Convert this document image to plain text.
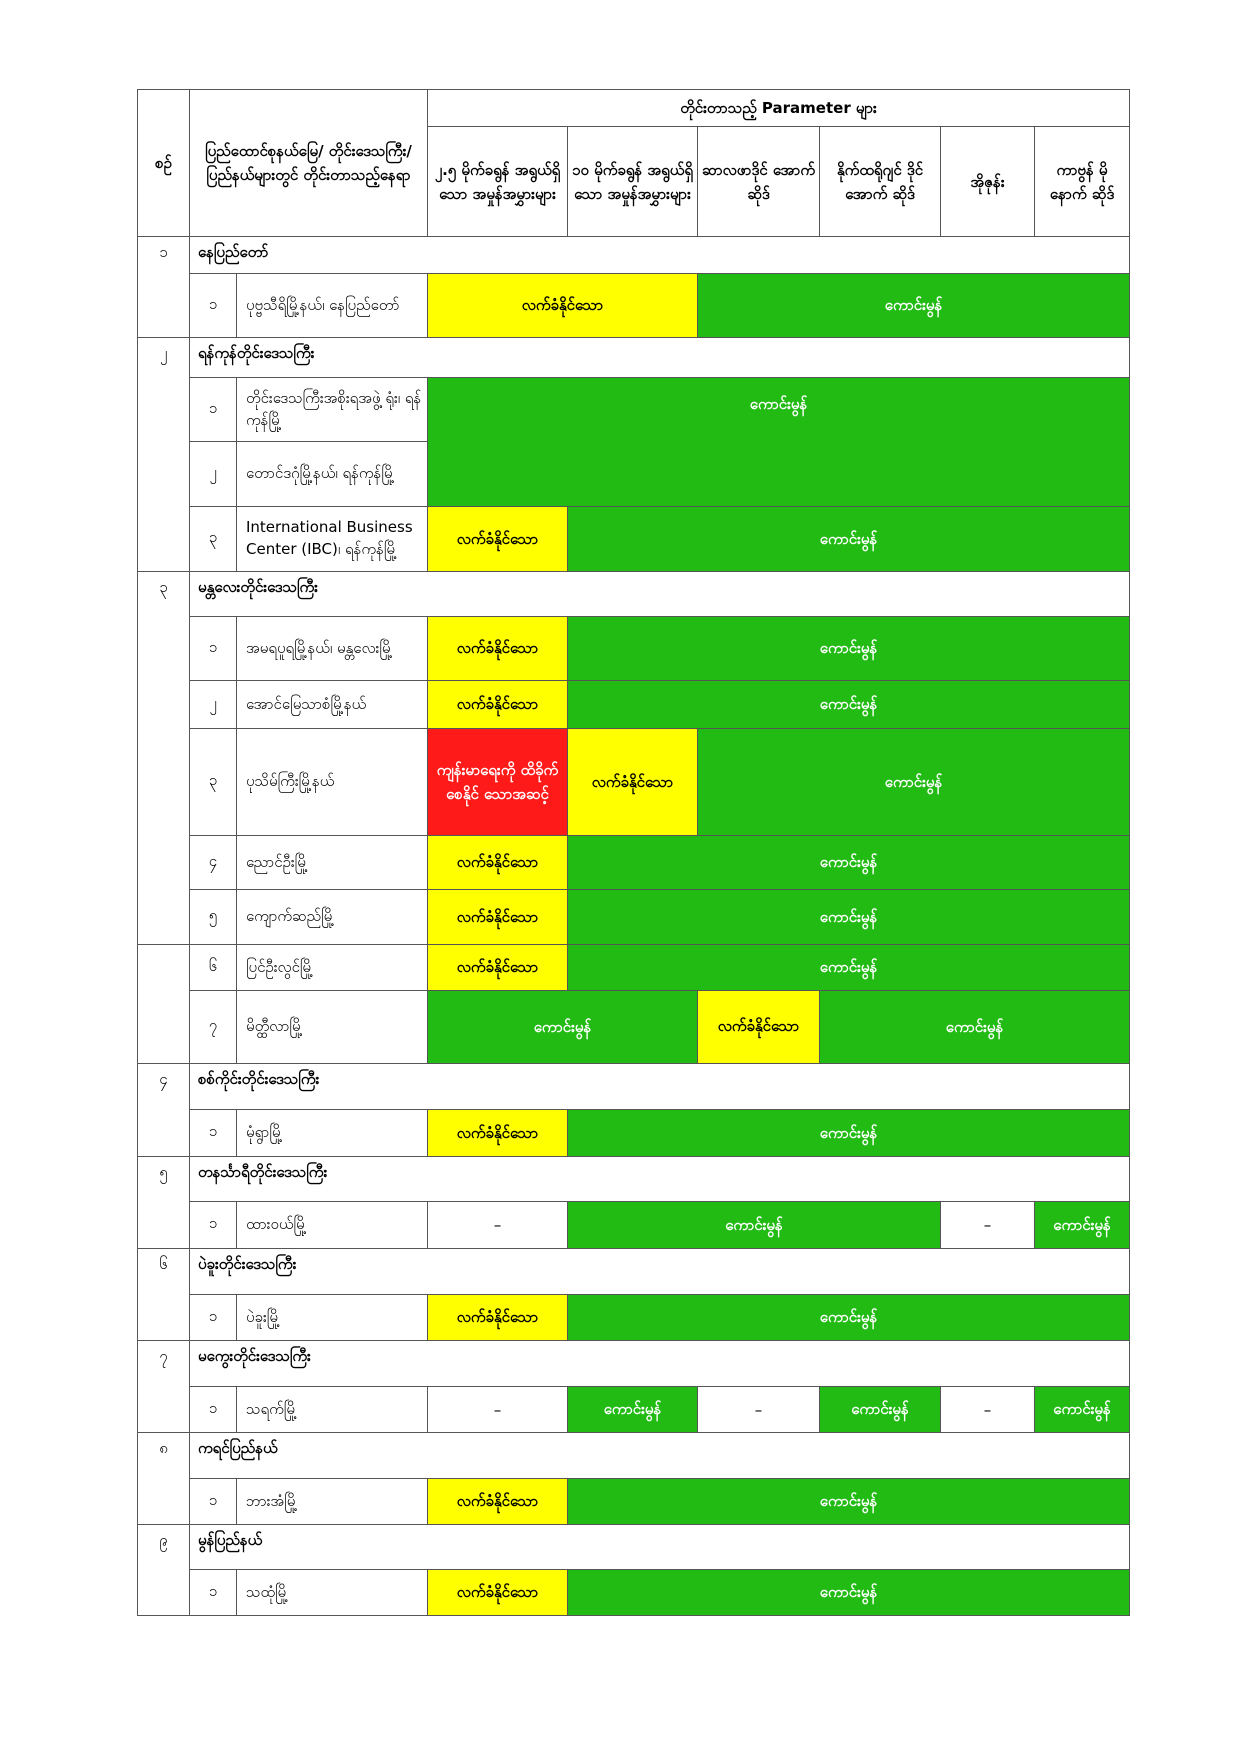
စဉ်	ပြည်ထောင်စုနယ်မြေ/ တိုင်းဒေသကြီး/ ပြည်နယ်များတွင် တိုင်းတာသည့်နေရာ		တိုင်းတာသည့် Parameter များ					
			၂.၅ မိုက်ခရွန် အရွယ်ရှိသော အမှုန်အမွှားများ	၁၀ မိုက်ခရွန် အရွယ်ရှိသော အမှုန်အမွှားများ	ဆာလဖာဒိုင် အောက်ဆိုဒ်	နိုက်ထရိုဂျင် ဒိုင်အောက် ဆိုဒ်	အိုဇုန်း	ကာဗွန် မိုနောက် ဆိုဒ်
၁	နေပြည်တော်							
	၁	ပုဗ္ဗသီရိမြို့နယ်၊ နေပြည်တော်	လက်ခံနိုင်သော		ကောင်းမွန်			
၂	ရန်ကုန်တိုင်းဒေသကြီး							
	၁	တိုင်းဒေသကြီးအစိုးရအဖွဲ့ ရုံး၊ ရန်ကုန်မြို့	ကောင်းမွန်					
	၂	တောင်ဒဂုံမြို့နယ်၊ ရန်ကုန်မြို့						
	၃	International Business Center (IBC)၊ ရန်ကုန်မြို့	လက်ခံနိုင်သော	ကောင်းမွန်				
၃	မန္တလေးတိုင်းဒေသကြီး							
	၁	အမရပူရမြို့နယ်၊ မန္တလေးမြို့	လက်ခံနိုင်သော	ကောင်းမွန်				
	၂	အောင်မြေသာစံမြို့နယ်	လက်ခံနိုင်သော	ကောင်းမွန်				
	၃	ပုသိမ်ကြီးမြို့နယ်	ကျန်းမာရေးကို ထိခိုက်စေနိုင် သောအဆင့်	လက်ခံနိုင်သော	ကောင်းမွန်			
	၄	ညောင်ဦးမြို့	လက်ခံနိုင်သော	ကောင်းမွန်				
	၅	ကျောက်ဆည်မြို့	လက်ခံနိုင်သော	ကောင်းမွန်				
	၆	ပြင်ဦးလွင်မြို့	လက်ခံနိုင်သော	ကောင်းမွန်				
	၇	မိတ္ထီလာမြို့	ကောင်းမွန်		လက်ခံနိုင်သော	ကောင်းမွန်		
၄	စစ်ကိုင်းတိုင်းဒေသကြီး							
	၁	မုံရွာမြို့	လက်ခံနိုင်သော	ကောင်းမွန်				
၅	တနင်္သာရီတိုင်းဒေသကြီး							
	၁	ထားဝယ်မြို့	–	ကောင်းမွန်			–	ကောင်းမွန်
၆	ပဲခူးတိုင်းဒေသကြီး							
	၁	ပဲခူးမြို့	လက်ခံနိုင်သော	ကောင်းမွန်				
၇	မကွေးတိုင်းဒေသကြီး							
	၁	သရက်မြို့	–	ကောင်းမွန်	–	ကောင်းမွန်	–	ကောင်းမွန်
၈	ကရင်ပြည်နယ်							
	၁	ဘားအံမြို့	လက်ခံနိုင်သော	ကောင်းမွန်				
၉	မွန်ပြည်နယ်							
	၁	သထုံမြို့	လက်ခံနိုင်သော	ကောင်းမွန်				
